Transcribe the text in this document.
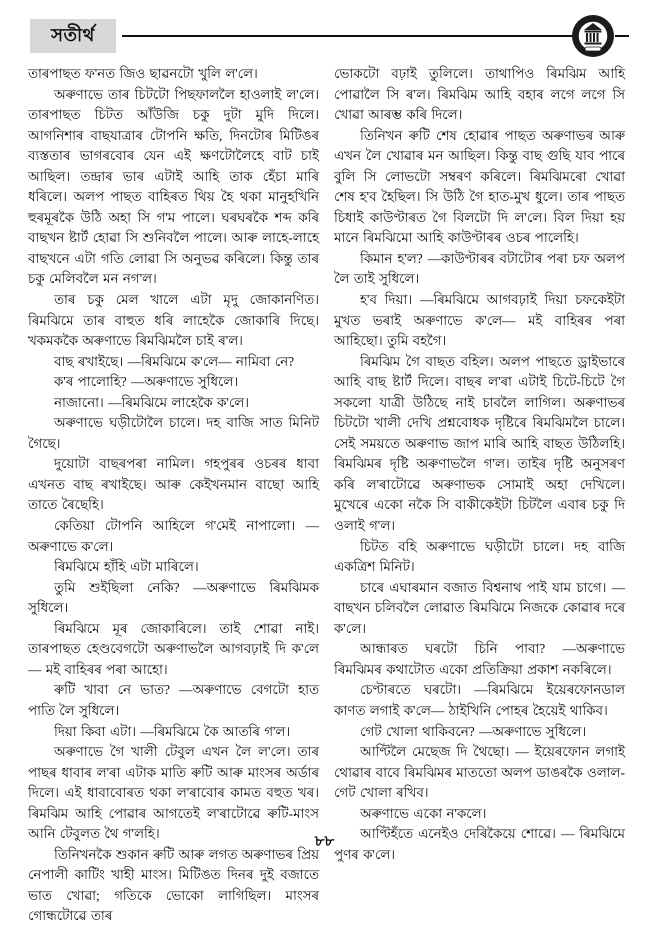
সতীৰ্থ

তাৰপাছত ফ'নত জিও ছাৱনটো খুলি ল'লে।

অৰুণাভে তাৰ চিটটো পিছফাললৈ হাওলাই ল'লে। তাৰপাছত চিটত আঁউজি চকু দুটা মুদি দিলে। আগনিশাৰ বাছযাত্ৰাৰ টোপনি ক্ষতি, দিনটোৰ মিটিঙৰ ব্যস্ততাৰ ভাগৰবোৰ যেন এই ক্ষণটোলৈহে বাট চাই আছিল। তন্দ্ৰাৰ ভাৰ এটাই আহি তাক হেঁচা মাৰি ধৰিলে। অলপ পাছত বাহিৰত থিয় হৈ থকা মানুহখিনি হুৰমূৰকৈ উঠি অহা সি গ'ম পালে। ঘৰঘৰকৈ শব্দ কৰি বাছখন ষ্টাৰ্ট হোৱা সি শুনিবলৈ পালে। আৰু লাহে-লাহে বাছখনে এটা গতি লোৱা সি অনুভৱ কৰিলে। কিন্তু তাৰ চকু মেলিবলৈ মন নগ'ল।

তাৰ চকু মেল খালে এটা মৃদু জোকানণিত। ৰিমঝিমে তাৰ বাহুত ধৰি লাহেকৈ জোকাৰি দিছে। খকমককৈ অৰুণাভে ৰিমঝিমলৈ চাই ৰ'ল।

বাছ ৰখাইছে। —ৰিমঝিমে ক'লে— নামিবা নে?

ক'ৰ পালোহি? —অৰুণাভে সুধিলে।

নাজানো। —ৰিমঝিমে লাহেকৈ ক'লে।

অৰুণাভে ঘড়ীটোলৈ চালে। দহ বাজি সাত মিনিট গৈছে।

দুয়োটা বাছৰপৰা নামিল। গহপুৰৰ ওচৰৰ ধাবা এখনত বাছ ৰখাইছে। আৰু কেইখনমান বাছো আহি তাতে ৰৈছেহি।

কেতিয়া টোপনি আহিলে গ'মেই নাপালো। —অৰুণাভে ক'লে।

ৰিমঝিমে হাঁহি এটা মাৰিলে।

তুমি শুইছিলা নেকি? —অৰুণাভে ৰিমঝিমক সুধিলে।

ৰিমঝিমে মূৰ জোকাৰিলে। তাই শোৱা নাই। তাৰপাছত হেণ্ডবেগটো অৰুণাভলৈ আগবঢ়াই দি ক'লে— মই বাহিৰৰ পৰা আহো।

ৰুটি খাবা নে ভাত? —অৰুণাভে বেগটো হাত পাতি লৈ সুধিলে।

দিয়া কিবা এটা। —ৰিমঝিমে কৈ আতৰি গ'ল।

অৰুণাভে গৈ খালী টেবুল এখন লৈ ল'লে। তাৰ পাছৰ ধাবাৰ ল'ৰা এটাক মাতি ৰুটি আৰু মাংসৰ অৰ্ডাৰ দিলে। এই ধাবাবোৰত থকা ল'ৰাবোৰ কামত বহুত খৰ। ৰিমঝিম আহি পোৱাৰ আগতেই ল'ৰাটোৱে ৰুটি-মাংস আনি টেবুলত থৈ গ'লহি।

তিনিখনকৈ শুকান ৰুটি আৰু লগত অৰুণাভৰ প্ৰিয় নেপালী কাটিং খাহী মাংস। মিটিঙত দিনৰ দুই বজাতে ভাত খোৱা; গতিকে ভোকো লাগিছিল। মাংসৰ গোন্ধটোৱে তাৰ

ভোকটো বঢ়াই তুলিলে। তাথাপিও ৰিমঝিম আহি পোৱালৈ সি ৰ'ল। ৰিমঝিম আহি বহাৰ লগে লগে সি খোৱা আৰম্ভ কৰি দিলে।

তিনিখন ৰুটি শেষ হোৱাৰ পাছত অৰুণাভৰ আৰু এখন লৈ খোৱাৰ মন আছিল। কিন্তু বাছ গুছি যাব পাৰে বুলি সি লোভটো সম্বৰণ কৰিলে। ৰিমঝিমৰো খোৱা শেষ হ'ব হৈছিল। সি উঠি গৈ হাত-মুখ ধুলে। তাৰ পাছত চিধাই কাউণ্টাৰত গৈ বিলটো দি ল'লে। বিল দিয়া হয় মানে ৰিমঝিমো আহি কাউণ্টাৰৰ ওচৰ পালেহি।

কিমান হ'ল? —কাউণ্টাৰৰ বটাটোৰ পৰা চফ অলপ লৈ তাই সুধিলে।

হ'ব দিয়া। —ৰিমঝিমে আগবঢ়াই দিয়া চফকেইটা মুখত ভৰাই অৰুণাভে ক'লে— মই বাহিৰৰ পৰা আহিছো। তুমি বহগৈ।

ৰিমঝিম গৈ বাছত বহিল। অলপ পাছতে ড্ৰাইভাৰে আহি বাছ ষ্টাৰ্ট দিলে। বাছৰ ল'ৰা এটাই চিটে-চিটে গৈ সকলো যাত্ৰী উঠিছে নাই চাবলৈ লাগিল। অৰুণাভৰ চিটটো খালী দেখি প্ৰশ্নবোধক দৃষ্টিৰে ৰিমঝিমলৈ চালে। সেই সময়তে অৰুণাভ জাপ মাৰি আহি বাছত উঠিলহি। ৰিমঝিমৰ দৃষ্টি অৰুণাভলৈ গ'ল। তাইৰ দৃষ্টি অনুসৰণ কৰি ল'ৰাটোৱে অৰুণাভক সোমাই অহা দেখিলে। মুখেৰে একো নকৈ সি বাকীকেইটা চিটলৈ এবাৰ চকু দি ওলাই গ'ল।

চিটত বহি অৰুণাভে ঘড়ীটো চালে। দহ বাজি একত্ৰিশ মিনিট।

চাৰে এঘাৰমান বজাত বিশ্বনাথ পাই যাম চাগে। — বাছখন চলিবলৈ লোৱাত ৰিমঝিমে নিজকে কোৱাৰ দৰে ক'লে।

আন্ধাৰত ঘৰটো চিনি পাবা? —অৰুণাভে ৰিমঝিমৰ কথাটোত একো প্ৰতিক্ৰিয়া প্ৰকাশ নকৰিলে।

চেণ্টাৰতে ঘৰটো। —ৰিমঝিমে ইয়েৰফোনডাল কাণত লগাই ক'লে— ঠাইখিনি পোহৰ হৈয়েই থাকিব।

গেট খোলা থাকিবনে? —অৰুণাভে সুধিলে।

আণ্টিলৈ মেছেজ দি থৈছো। — ইয়েৰফোন লগাই থোৱাৰ বাবে ৰিমঝিমৰ মাততো অলপ ডাঙৰকৈ ওলাল-গেট খোলা ৰখিব।

অৰুণাভে একো ন'কলে।

আণ্টিহঁতে এনেইও দেৰিকৈয়ে শোৱে। — ৰিমঝিমে পুণৰ ক'লে।

৮৮
